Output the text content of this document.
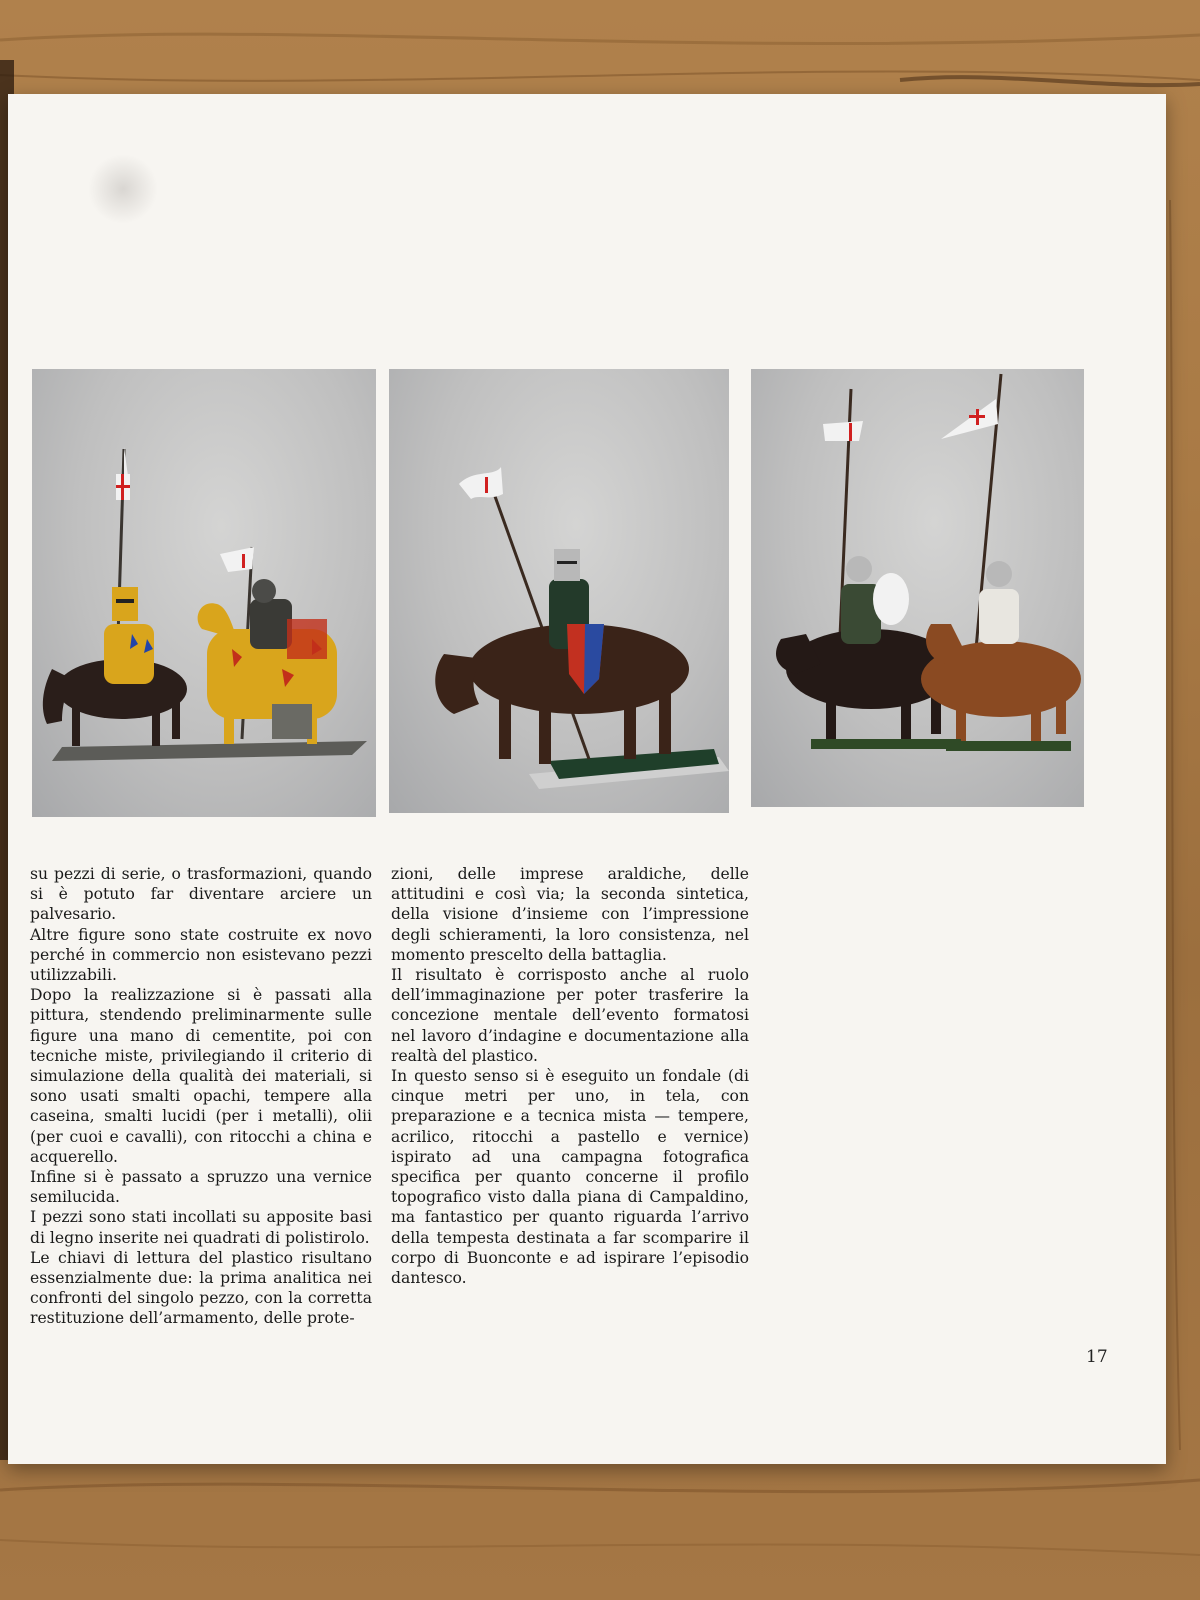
su pezzi di serie, o trasformazioni, quando si è potuto far diventare arciere un palvesario.

Altre figure sono state costruite ex novo perché in commercio non esistevano pezzi utilizzabili.

Dopo la realizzazione si è passati alla pittura, stendendo preliminarmente sulle figure una mano di cementite, poi con tecniche miste, privilegiando il criterio di simulazione della qualità dei materiali, si sono usati smalti opachi, tempere alla caseina, smalti lucidi (per i metalli), olii (per cuoi e cavalli), con ritocchi a china e acquerello.

Infine si è passato a spruzzo una vernice semilucida.

I pezzi sono stati incollati su apposite basi di legno inserite nei quadrati di polistirolo.

Le chiavi di lettura del plastico risultano essenzialmente due: la prima analitica nei confronti del singolo pezzo, con la corretta restituzione dell’armamento, delle prote-

zioni, delle imprese araldiche, delle attitudini e così via; la seconda sintetica, della visione d’insieme con l’impressione degli schieramenti, la loro consistenza, nel momento prescelto della battaglia.

Il risultato è corrisposto anche al ruolo dell’immaginazione per poter trasferire la concezione mentale dell’evento formatosi nel lavoro d’indagine e documentazione alla realtà del plastico.

In questo senso si è eseguito un fondale (di cinque metri per uno, in tela, con preparazione e a tecnica mista — tempere, acrilico, ritocchi a pastello e vernice) ispirato ad una campagna fotografica specifica per quanto concerne il profilo topografico visto dalla piana di Campaldino, ma fantastico per quanto riguarda l’arrivo della tempesta destinata a far scomparire il corpo di Buonconte e ad ispirare l’episodio dantesco.

17
